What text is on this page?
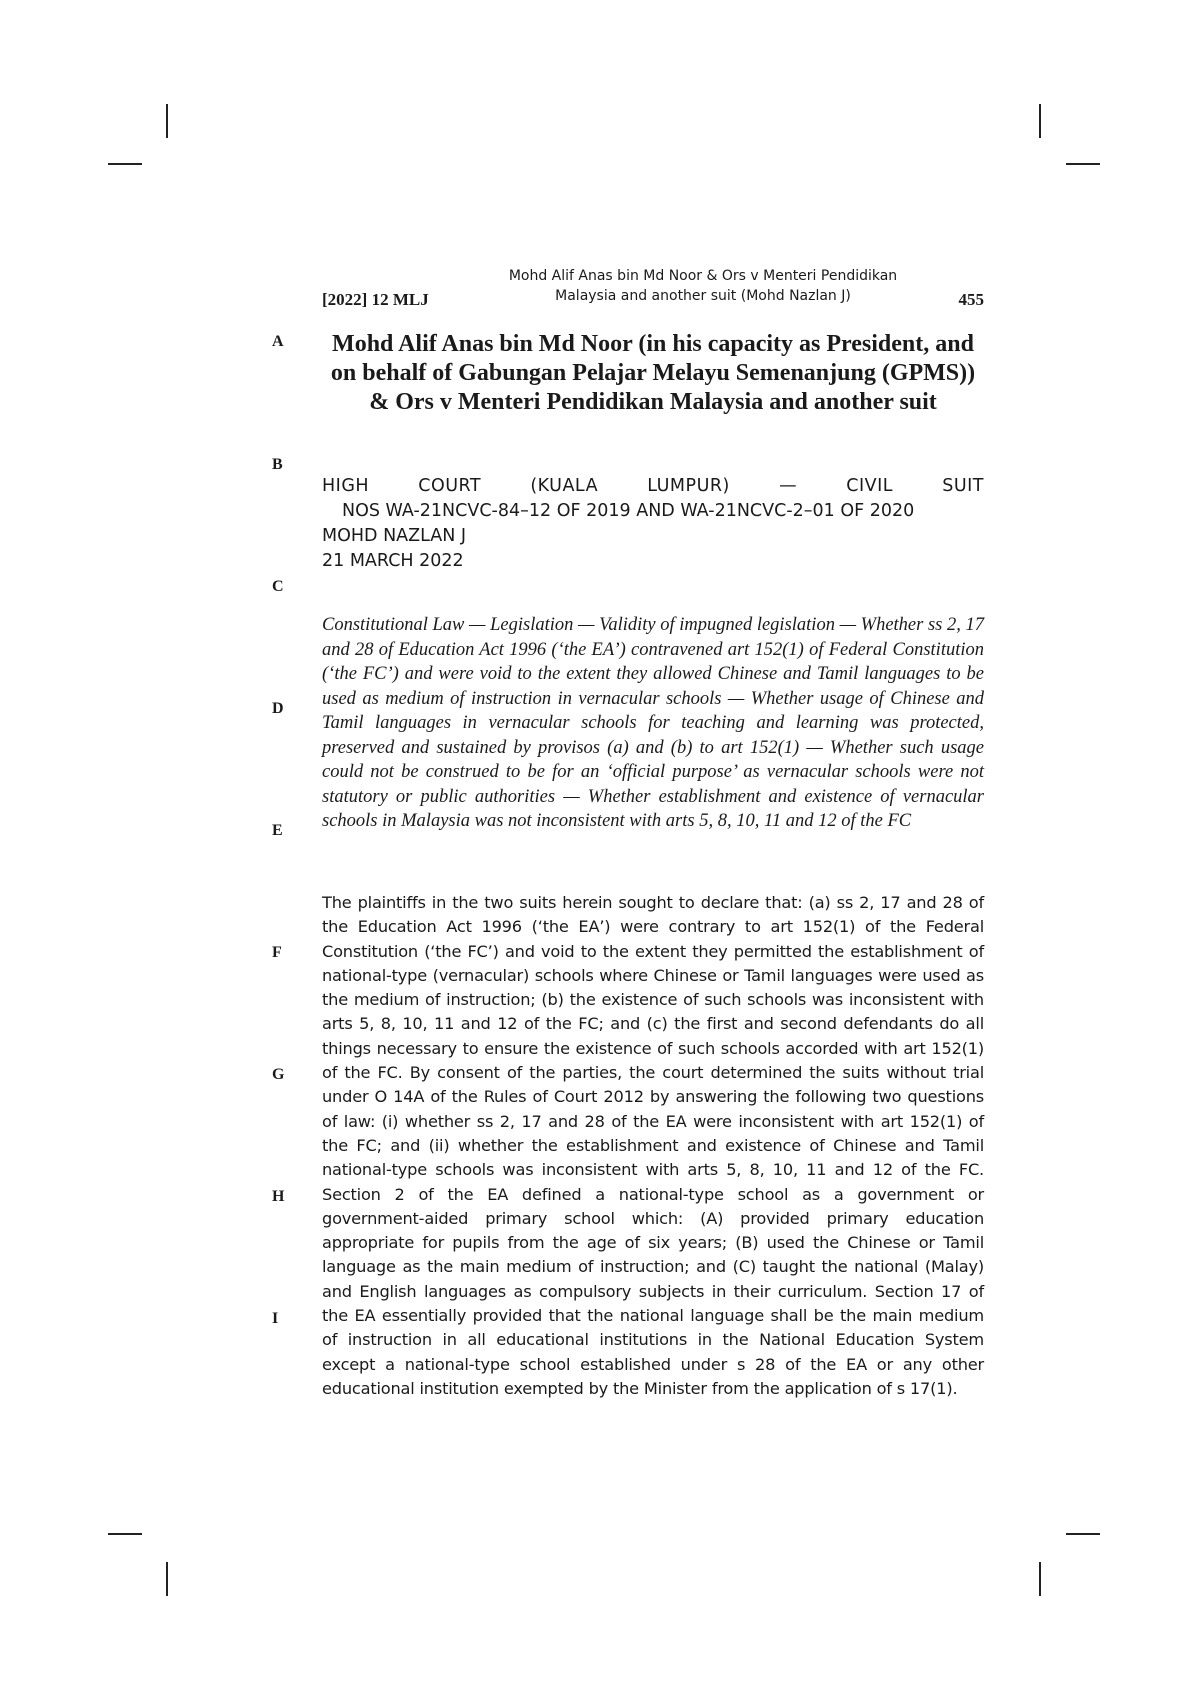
[2022] 12 MLJ
Mohd Alif Anas bin Md Noor & Ors v Menteri Pendidikan
Malaysia and another suit (Mohd Nazlan J)	455
A
B
C
D
E
F
G
H
I
Mohd Alif Anas bin Md Noor (in his capacity as President, and
on behalf of Gabungan Pelajar Melayu Semenanjung (GPMS))
& Ors v Menteri Pendidikan Malaysia and another suit
HIGH	COURT	(KUALA	LUMPUR)	—	CIVIL	SUIT
NOS WA-21NCVC-84–12 OF 2019 AND WA-21NCVC-2–01 OF 2020
MOHD NAZLAN J
21 MARCH 2022
Constitutional Law — Legislation — Validity of impugned legislation — Whether ss 2, 17 and 28 of Education Act 1996 (‘the EA’) contravened art 152(1) of Federal Constitution (‘the FC’) and were void to the extent they allowed Chinese and Tamil languages to be used as medium of instruction in vernacular schools — Whether usage of Chinese and Tamil languages in vernacular schools for teaching and learning was protected, preserved and sustained by provisos (a) and (b) to art 152(1) — Whether such usage could not be construed to be for an ‘official purpose’ as vernacular schools were not statutory or public authorities — Whether establishment and existence of vernacular schools in Malaysia was not inconsistent with arts 5, 8, 10, 11 and 12 of the FC
The plaintiffs in the two suits herein sought to declare that: (a) ss 2, 17 and 28 of the Education Act 1996 (‘the EA’) were contrary to art 152(1) of the Federal Constitution (‘the FC’) and void to the extent they permitted the establishment of national-type (vernacular) schools where Chinese or Tamil languages were used as the medium of instruction; (b) the existence of such schools was inconsistent with arts 5, 8, 10, 11 and 12 of the FC; and (c) the first and second defendants do all things necessary to ensure the existence of such schools accorded with art 152(1) of the FC. By consent of the parties, the court determined the suits without trial under O 14A of the Rules of Court 2012 by answering the following two questions of law: (i) whether ss 2, 17 and 28 of the EA were inconsistent with art 152(1) of the FC; and (ii) whether the establishment and existence of Chinese and Tamil national-type schools was inconsistent with arts 5, 8, 10, 11 and 12 of the FC. Section 2 of the EA defined a national-type school as a government or government-aided primary school which: (A) provided primary education appropriate for pupils from the age of six years; (B) used the Chinese or Tamil language as the main medium of instruction; and (C) taught the national (Malay) and English languages as compulsory subjects in their curriculum. Section 17 of the EA essentially provided that the national language shall be the main medium of instruction in all educational institutions in the National Education System except a national-type school established under s 28 of the EA or any other educational institution exempted by the Minister from the application of s 17(1).
